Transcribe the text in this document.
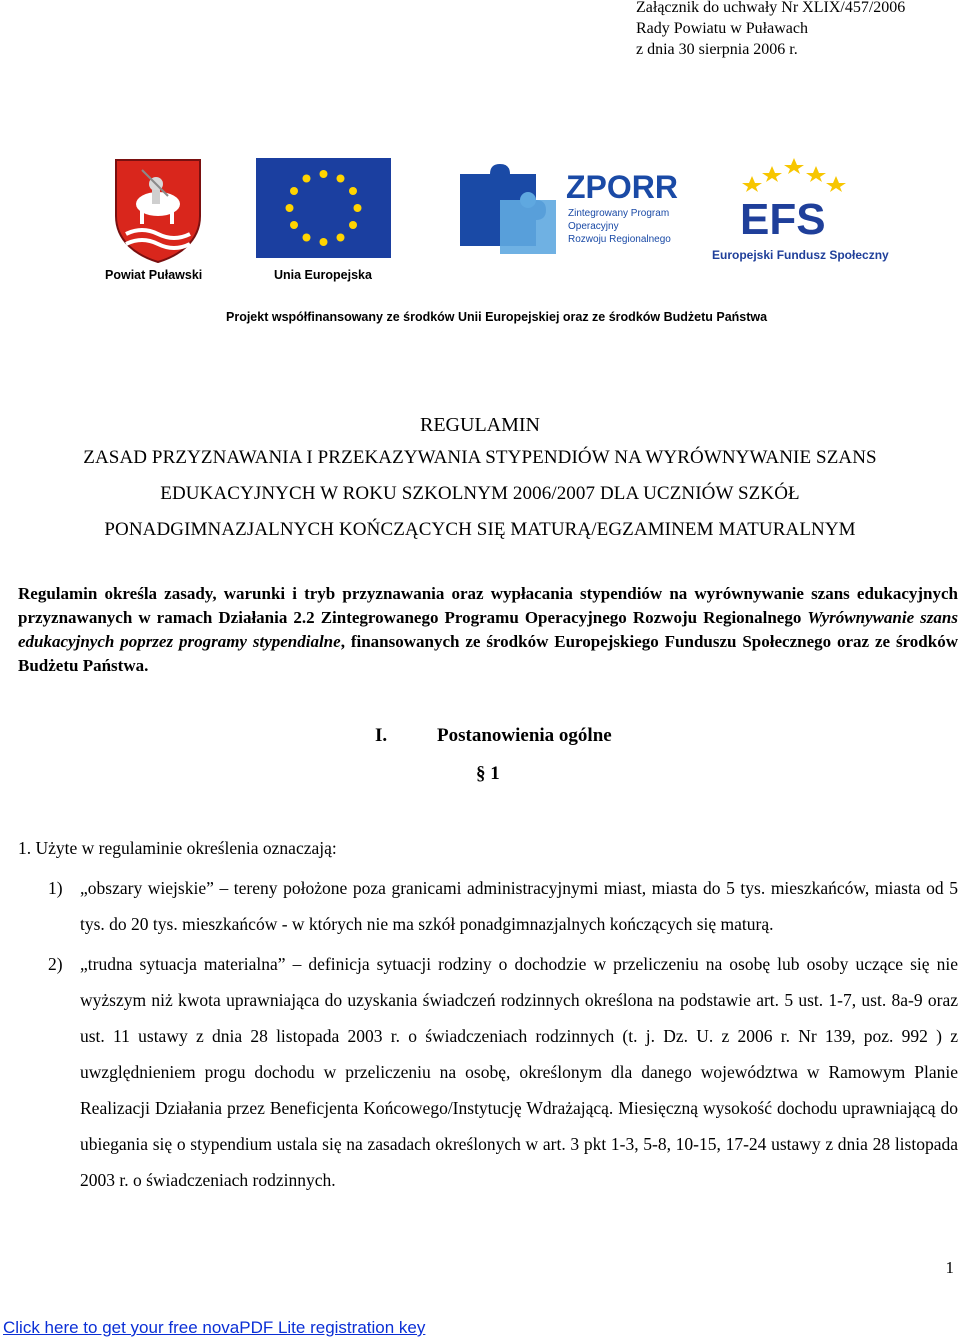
Załącznik do uchwały Nr XLIX/457/2006
Rady Powiatu w Puławach
z dnia 30 sierpnia 2006 r.
Powiat Puławski	Unia Europejska
ZPORR
Zintegrowany Program
Operacyjny
Rozwoju Regionalnego EFS
Europejski Fundusz Społeczny
Projekt współfinansowany ze środków Unii Europejskiej oraz ze środków Budżetu Państwa
REGULAMIN
ZASAD PRZYZNAWANIA I PRZEKAZYWANIA STYPENDIÓW NA WYRÓWNYWANIE SZANS
EDUKACYJNYCH W ROKU SZKOLNYM 2006/2007 DLA UCZNIÓW SZKÓŁ
PONADGIMNAZJALNYCH KOŃCZĄCYCH SIĘ MATURĄ/EGZAMINEM MATURALNYM
Regulamin określa zasady, warunki i tryb przyznawania oraz wypłacania stypendiów na wyrównywanie szans edukacyjnych przyznawanych w ramach Działania 2.2 Zintegrowanego Programu Operacyjnego Rozwoju Regionalnego Wyrównywanie szans edukacyjnych poprzez programy stypendialne, finansowanych ze środków Europejskiego Funduszu Społecznego oraz ze środków Budżetu Państwa.
I.	Postanowienia ogólne
§ 1
1. Użyte w regulaminie określenia oznaczają:
1) „obszary wiejskie” – tereny położone poza granicami administracyjnymi miast, miasta do 5 tys. mieszkańców, miasta od 5 tys. do 20 tys. mieszkańców - w których nie ma szkół ponadgimnazjalnych kończących się maturą.
2) „trudna sytuacja materialna” – definicja sytuacji rodziny o dochodzie w przeliczeniu na osobę lub osoby uczące się nie wyższym niż kwota uprawniająca do uzyskania świadczeń rodzinnych określona na podstawie art. 5 ust. 1-7, ust. 8a-9 oraz ust. 11 ustawy z dnia 28 listopada 2003 r. o świadczeniach rodzinnych (t. j. Dz. U. z 2006 r. Nr 139, poz. 992 ) z uwzględnieniem progu dochodu w przeliczeniu na osobę, określonym dla danego województwa w Ramowym Planie Realizacji Działania przez Beneficjenta Końcowego/Instytucję Wdrażającą. Miesięczną wysokość dochodu uprawniającą do ubiegania się o stypendium ustala się na zasadach określonych w art. 3 pkt 1-3, 5-8, 10-15, 17-24 ustawy z dnia 28 listopada 2003 r. o świadczeniach rodzinnych.
1
Click here to get your free novaPDF Lite registration key
